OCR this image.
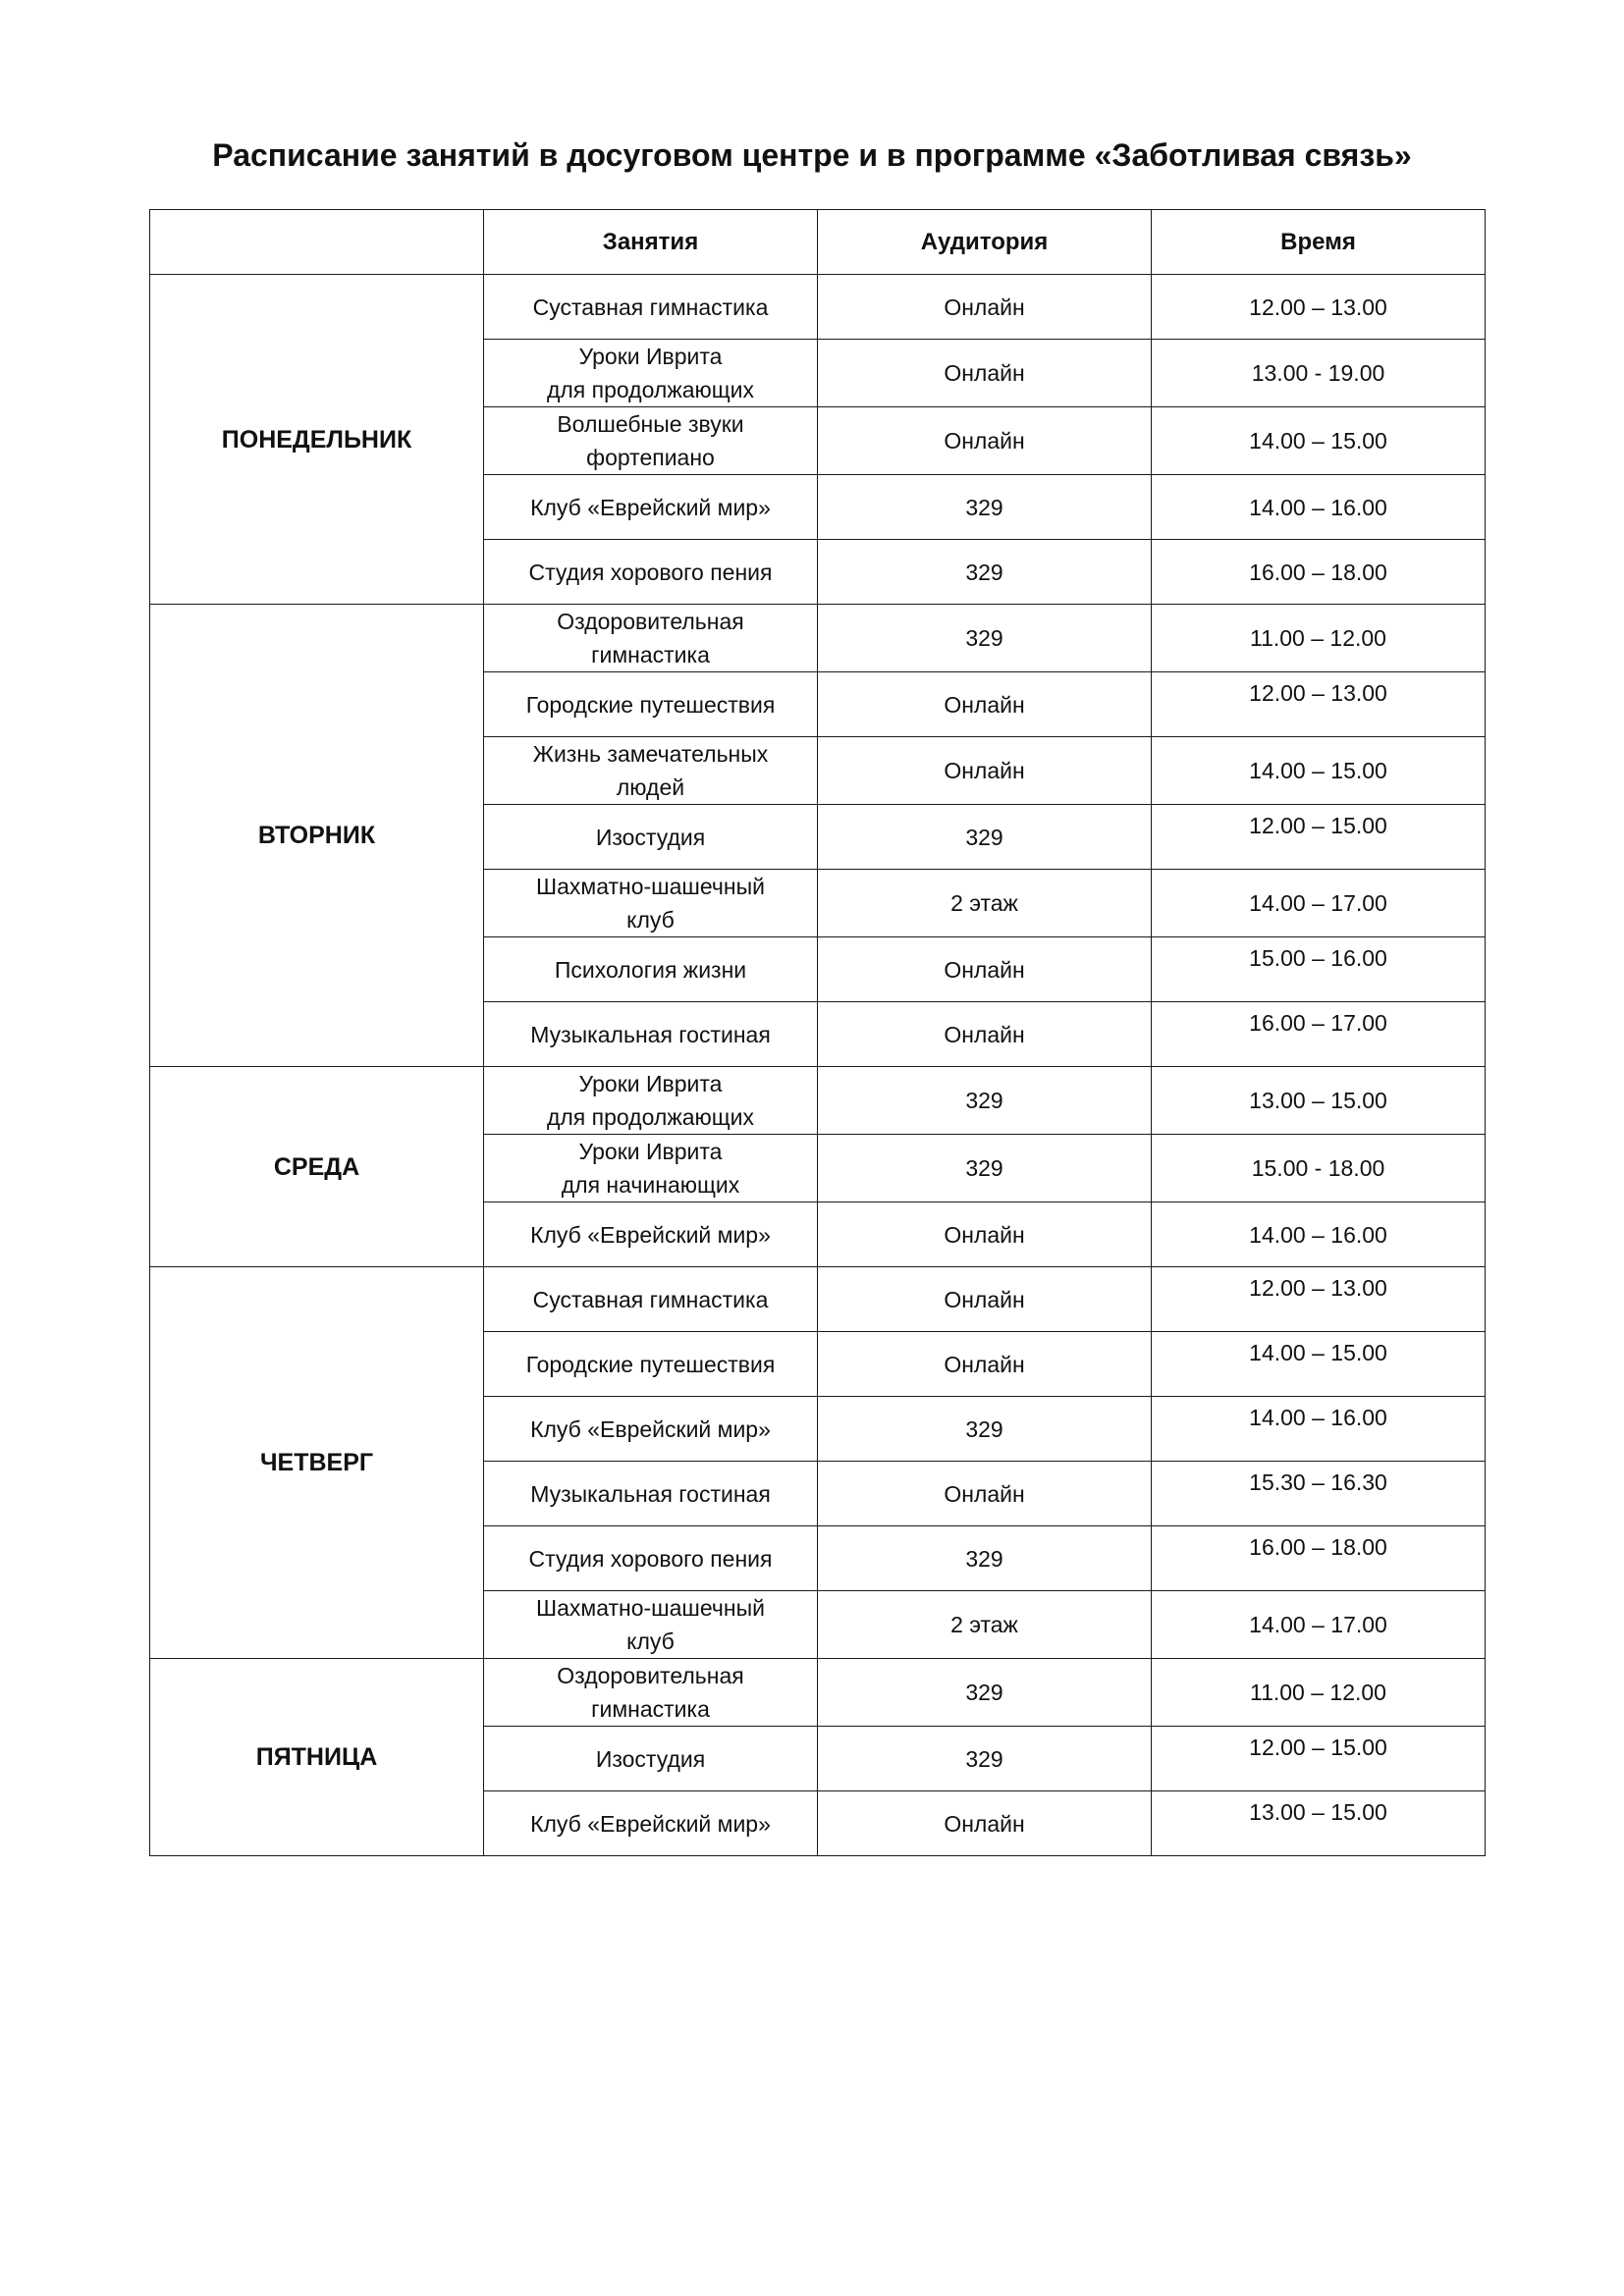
Расписание занятий в досуговом центре и в программе «Заботливая связь»
	Занятия	Аудитория	Время
ПОНЕДЕЛЬНИК	Суставная гимнастика	Онлайн	12.00 – 13.00
	Уроки Иврита
для продолжающих	Онлайн	13.00 - 19.00
	Волшебные звуки
фортепиано	Онлайн	14.00 – 15.00
	Клуб «Еврейский мир»	329	14.00 – 16.00
	Студия хорового пения	329	16.00 – 18.00
ВТОРНИК	Оздоровительная
гимнастика	329	11.00 – 12.00
	Городские путешествия	Онлайн	12.00 – 13.00
	Жизнь замечательных
людей	Онлайн	14.00 – 15.00
	Изостудия	329	12.00 – 15.00
	Шахматно-шашечный
клуб	2 этаж	14.00 – 17.00
	Психология жизни	Онлайн	15.00 – 16.00
	Музыкальная гостиная	Онлайн	16.00 – 17.00
СРЕДА	Уроки Иврита
для продолжающих	329	13.00 – 15.00
	Уроки Иврита
для начинающих	329	15.00 - 18.00
	Клуб «Еврейский мир»	Онлайн	14.00 – 16.00
ЧЕТВЕРГ	Суставная гимнастика	Онлайн	12.00 – 13.00
	Городские путешествия	Онлайн	14.00 – 15.00
	Клуб «Еврейский мир»	329	14.00 – 16.00
	Музыкальная гостиная	Онлайн	15.30 – 16.30
	Студия хорового пения	329	16.00 – 18.00
	Шахматно-шашечный
клуб	2 этаж	14.00 – 17.00
ПЯТНИЦА	Оздоровительная
гимнастика	329	11.00 – 12.00
	Изостудия	329	12.00 – 15.00
	Клуб «Еврейский мир»	Онлайн	13.00 – 15.00
